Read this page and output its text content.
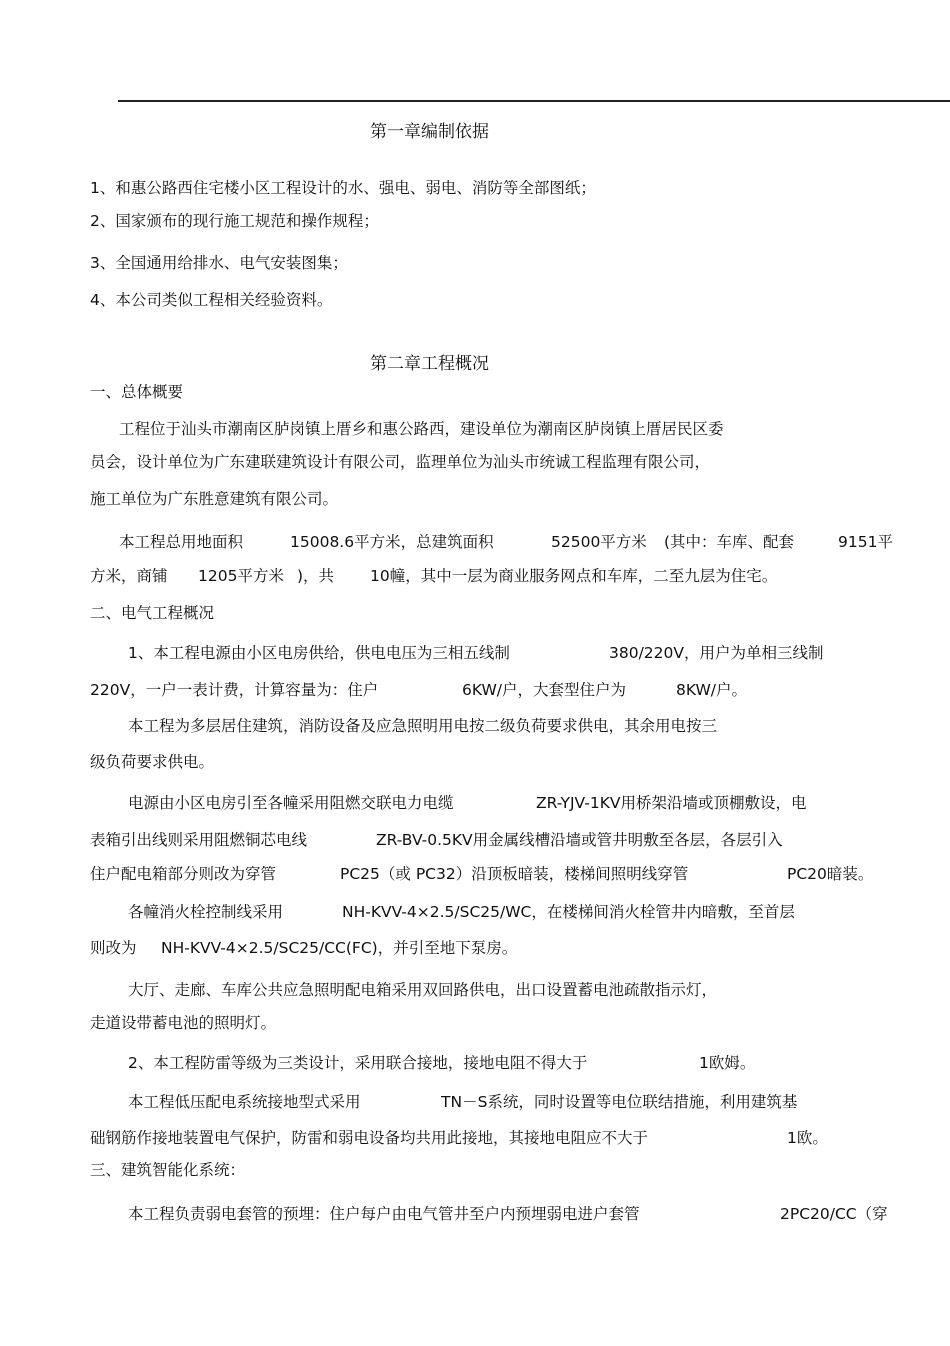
第一章编制依据
1、和惠公路西住宅楼小区工程设计的水、强电、弱电、消防等全部图纸；
2、国家颁布的现行施工规范和操作规程；
3、全国通用给排水、电气安装图集；
4、本公司类似工程相关经验资料。
第二章工程概况
一、总体概要
工程位于汕头市潮南区胪岗镇上厝乡和惠公路西，建设单位为潮南区胪岗镇上厝居民区委
员会，设计单位为广东建联建筑设计有限公司，监理单位为汕头市统诚工程监理有限公司，
施工单位为广东胜意建筑有限公司。
本工程总用地面积	15008.6平方米，总建筑面积	52500平方米 (其中：车库、配套	9151平
方米，商铺 1205平方米 )，共 10幢，其中一层为商业服务网点和车库，二至九层为住宅。
二、电气工程概况
1、本工程电源由小区电房供给，供电电压为三相五线制	380/220V，用户为单相三线制
220V，一户一表计费，计算容量为：住户	6KW/户，大套型住户为	8KW/户。
本工程为多层居住建筑，消防设备及应急照明用电按二级负荷要求供电，其余用电按三
级负荷要求供电。
电源由小区电房引至各幢采用阻燃交联电力电缆	ZR-YJV-1KV用桥架沿墙或顶棚敷设，电
表箱引出线则采用阻燃铜芯电线	ZR-BV-0.5KV用金属线槽沿墙或管井明敷至各层，各层引入
住户配电箱部分则改为穿管	PC25（或 PC32）沿顶板暗装，楼梯间照明线穿管	PC20暗装。
各幢消火栓控制线采用	NH-KVV-4×2.5/SC25/WC，在楼梯间消火栓管井内暗敷，至首层
则改为 NH-KVV-4×2.5/SC25/CC(FC)，并引至地下泵房。
大厅、走廊、车库公共应急照明配电箱采用双回路供电，出口设置蓄电池疏散指示灯，
走道设带蓄电池的照明灯。
2、本工程防雷等级为三类设计，采用联合接地，接地电阻不得大于	1欧姆。
本工程低压配电系统接地型式采用	TN－S系统，同时设置等电位联结措施，利用建筑基
础钢筋作接地装置电气保护，防雷和弱电设备均共用此接地，其接地电阻应不大于	1欧。
三、建筑智能化系统：
本工程负责弱电套管的预埋：住户每户由电气管井至户内预埋弱电进户套管	2PC20/CC（穿
